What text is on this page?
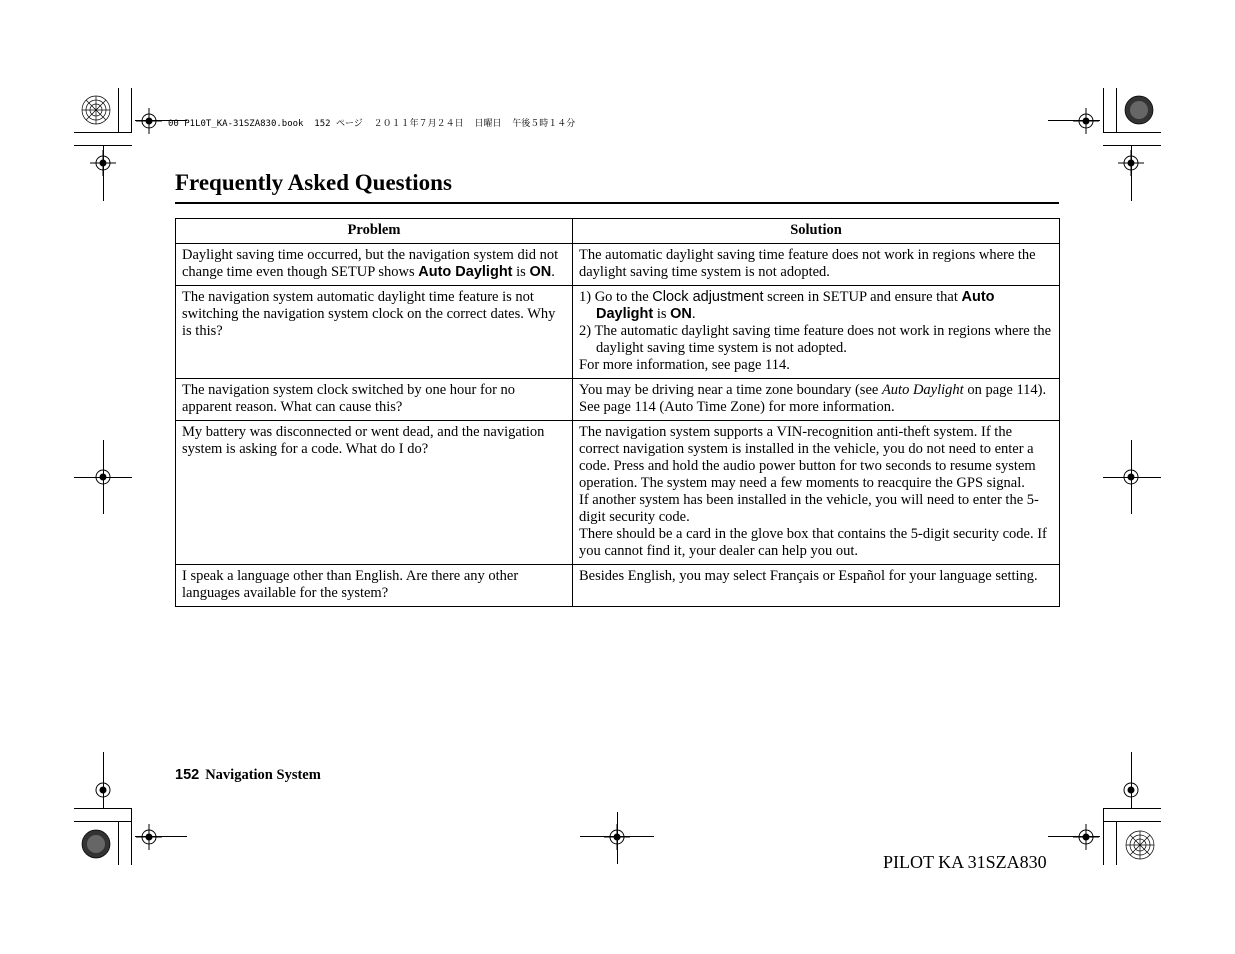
00 P1L0T_KA-31SZA830.book  152 ページ  ２０１１年７月２４日  日曜日  午後５時１４分
Frequently Asked Questions
Problem	Solution
Daylight saving time occurred, but the navigation system did not change time even though SETUP shows Auto Daylight is ON.	The automatic daylight saving time feature does not work in regions where the daylight saving time system is not adopted.
The navigation system automatic daylight time feature is not switching the navigation system clock on the correct dates. Why is this?	1) Go to the Clock adjustment screen in SETUP and ensure that Auto Daylight is ON.
2) The automatic daylight saving time feature does not work in regions where the daylight saving time system is not adopted.
For more information, see page 114.

The navigation system clock switched by one hour for no apparent reason. What can cause this?	You may be driving near a time zone boundary (see Auto Daylight on page 114). See page 114 (Auto Time Zone) for more information.
My battery was disconnected or went dead, and the navigation system is asking for a code. What do I do?	The navigation system supports a VIN-recognition anti-theft system. If the correct navigation system is installed in the vehicle, you do not need to enter a code. Press and hold the audio power button for two seconds to resume system operation. The system may need a few moments to reacquire the GPS signal.
If another system has been installed in the vehicle, you will need to enter the 5-digit security code.
There should be a card in the glove box that contains the 5-digit security code. If you cannot find it, your dealer can help you out.

I speak a language other than English. Are there any other languages available for the system?	Besides English, you may select Français or Español for your language setting.
152 Navigation System
PILOT KA 31SZA830
